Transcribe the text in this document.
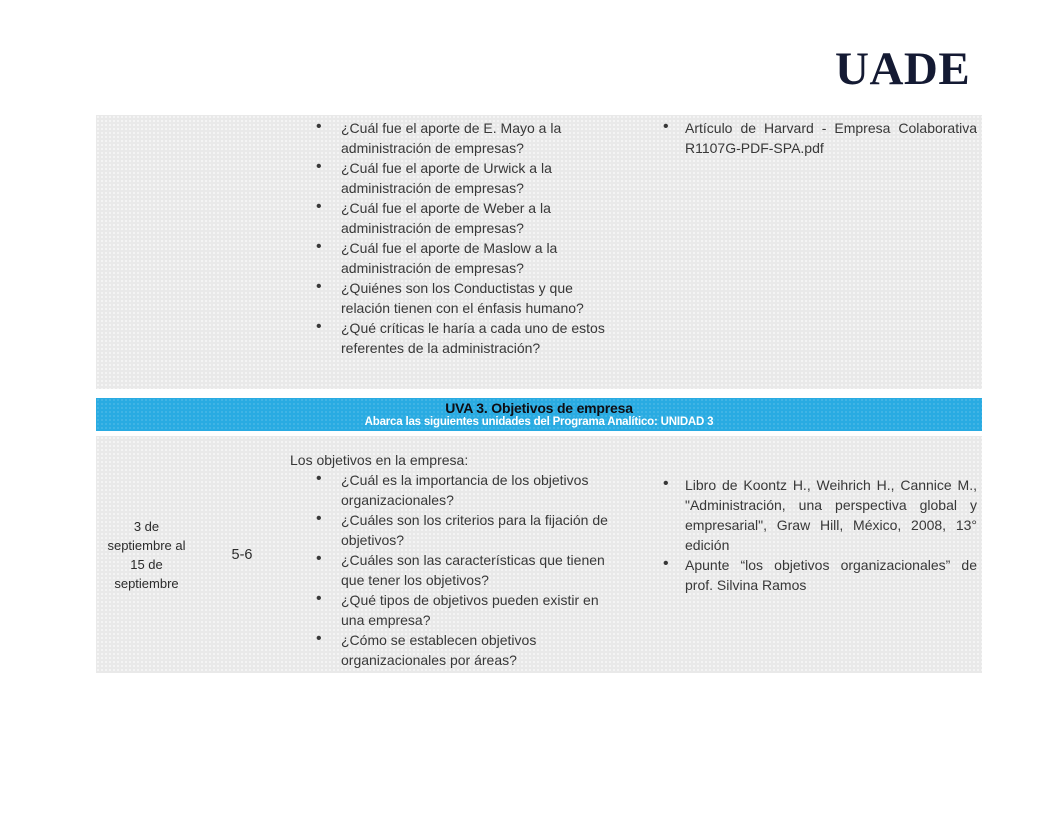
UADE
•
¿Cuál fue el aporte de E. Mayo a la administración de empresas?
•
¿Cuál fue el aporte de Urwick a la administración de empresas?
•
¿Cuál fue el aporte de Weber a la administración de empresas?
•
¿Cuál fue el aporte de Maslow a la administración de empresas?
•
¿Quiénes son los Conductistas y que relación tienen con el énfasis humano?
•
¿Qué críticas le haría a cada uno de estos referentes de la administración?
•
Artículo de Harvard - Empresa Colaborativa R1107G-PDF-SPA.pdf
UVA 3. Objetivos de empresa
Abarca las siguientes unidades del Programa Analítico: UNIDAD 3
3 de septiembre al 15 de septiembre
5-6
Los objetivos en la empresa:
•
¿Cuál es la importancia de los objetivos organizacionales?
•
¿Cuáles son los criterios para la fijación de objetivos?
•
¿Cuáles son las características que tienen que tener los objetivos?
•
¿Qué tipos de objetivos pueden existir en una empresa?
•
¿Cómo se establecen objetivos organizacionales por áreas?
•
Libro de Koontz H., Weihrich H., Cannice M., "Administración, una perspectiva global y empresarial", Graw Hill, México, 2008, 13° edición
•
Apunte “los objetivos organizacionales” de prof. Silvina Ramos
